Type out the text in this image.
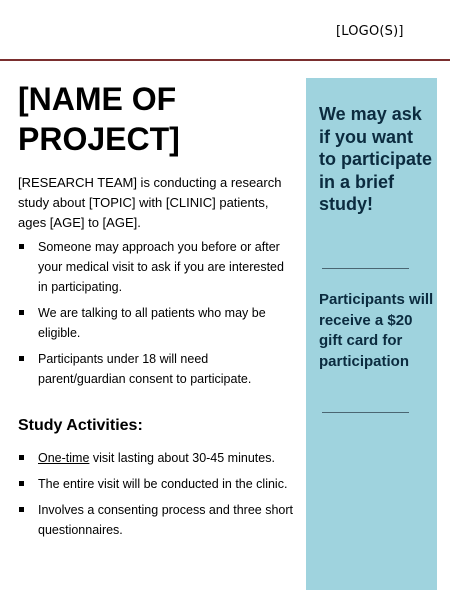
[LOGO(S)]
[NAME OF PROJECT]

[RESEARCH TEAM] is conducting a research study about [TOPIC] with [CLINIC] patients, ages [AGE] to [AGE].

Someone may approach you before or after your medical visit to ask if you are interested in participating.
We are talking to all patients who may be eligible.
Participants under 18 will need parent/guardian consent to participate.
Study Activities:
One-time visit lasting about 30-45 minutes.
The entire visit will be conducted in the clinic.
Involves a consenting process and three short questionnaires.

We may ask if you want to participate in a brief study!

Participants will receive a $20 gift card for participation
